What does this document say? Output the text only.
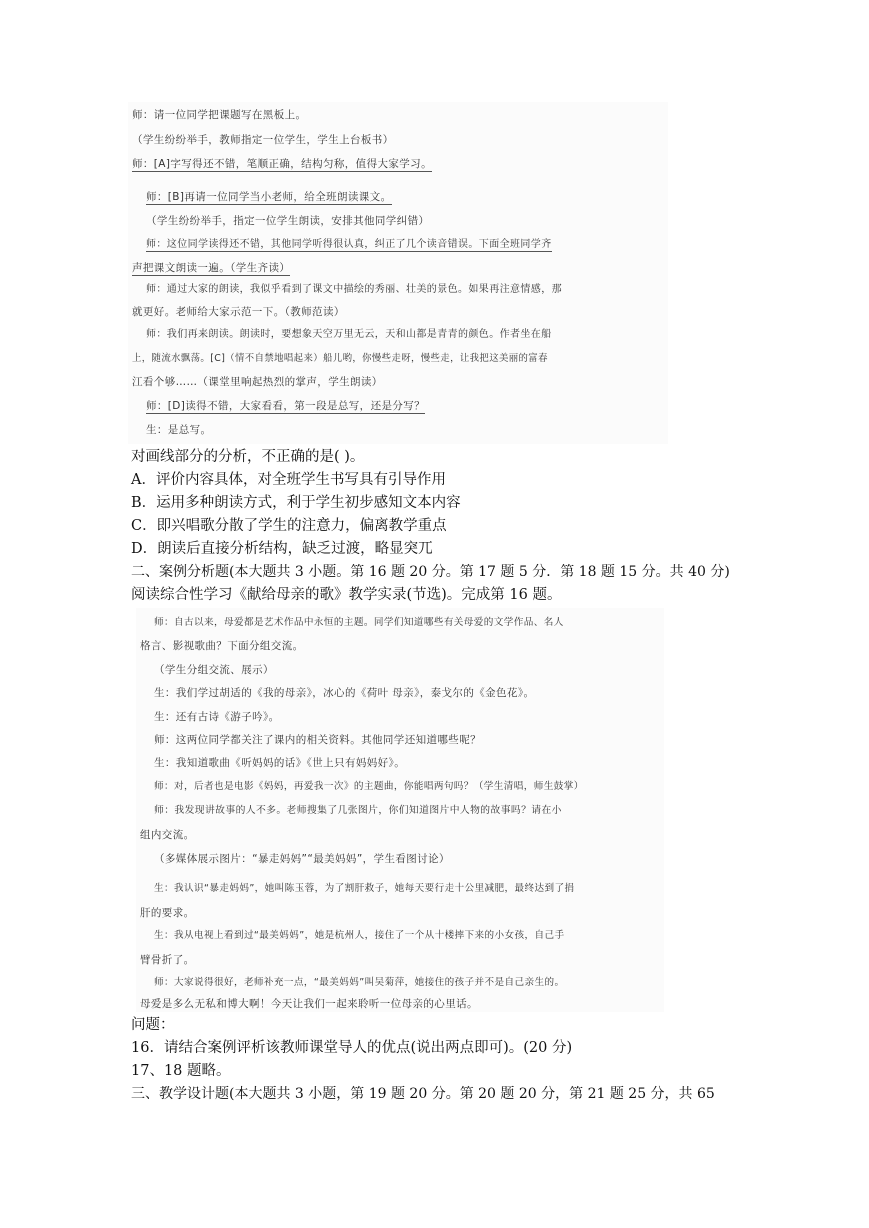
师：请一位同学把课题写在黑板上。
（学生纷纷举手，教师指定一位学生，学生上台板书）
师：[A]字写得还不错，笔顺正确，结构匀称，值得大家学习。
师：[B]再请一位同学当小老师，给全班朗读课文。
（学生纷纷举手，指定一位学生朗读，安排其他同学纠错）
师：这位同学读得还不错，其他同学听得很认真，纠正了几个读音错误。下面全班同学齐
声把课文朗读一遍。（学生齐读）
师：通过大家的朗读，我似乎看到了课文中描绘的秀丽、壮美的景色。如果再注意情感，那
就更好。老师给大家示范一下。（教师范读）
师：我们再来朗读。朗读时，要想象天空万里无云，天和山都是青青的颜色。作者坐在船
上，随流水飘荡。[C]（情不自禁地唱起来）船儿哟，你慢些走呀，慢些走，让我把这美丽的富春
江看个够……（课堂里响起热烈的掌声，学生朗读）
师：[D]读得不错，大家看看，第一段是总写，还是分写？
生：是总写。
对画线部分的分析，不正确的是( )。
A．评价内容具体，对全班学生书写具有引导作用
B．运用多种朗读方式，利于学生初步感知文本内容
C．即兴唱歌分散了学生的注意力，偏离教学重点
D．朗读后直接分析结构，缺乏过渡，略显突兀
二、案例分析题(本大题共 3 小题。第 16 题 20 分。第 17 题 5 分．第 18 题 15 分。共 40 分)
阅读综合性学习《献给母亲的歌》教学实录(节选)。完成第 16 题。
师：自古以来，母爱都是艺术作品中永恒的主题。同学们知道哪些有关母爱的文学作品、名人
格言、影视歌曲？下面分组交流。
（学生分组交流、展示）
生：我们学过胡适的《我的母亲》，冰心的《荷叶 母亲》，泰戈尔的《金色花》。
生：还有古诗《游子吟》。
师：这两位同学都关注了课内的相关资料。其他同学还知道哪些呢？
生：我知道歌曲《听妈妈的话》《世上只有妈妈好》。
师：对，后者也是电影《妈妈，再爱我一次》的主题曲，你能唱两句吗？（学生清唱，师生鼓掌）
师：我发现讲故事的人不多。老师搜集了几张图片，你们知道图片中人物的故事吗？请在小
组内交流。
（多媒体展示图片：“暴走妈妈”“最美妈妈”，学生看图讨论）
生：我认识“暴走妈妈”，她叫陈玉蓉，为了割肝救子，她每天要行走十公里减肥，最终达到了捐
肝的要求。
生：我从电视上看到过“最美妈妈”，她是杭州人，接住了一个从十楼摔下来的小女孩，自己手
臂骨折了。
师：大家说得很好，老师补充一点，“最美妈妈”叫吴菊萍，她接住的孩子并不是自己亲生的。
母爱是多么无私和博大啊！今天让我们一起来聆听一位母亲的心里话。
问题：
16．请结合案例评析该教师课堂导人的优点(说出两点即可)。(20 分)
17、18 题略。
三、教学设计题(本大题共 3 小题，第 19 题 20 分。第 20 题 20 分，第 21 题 25 分，共 65
